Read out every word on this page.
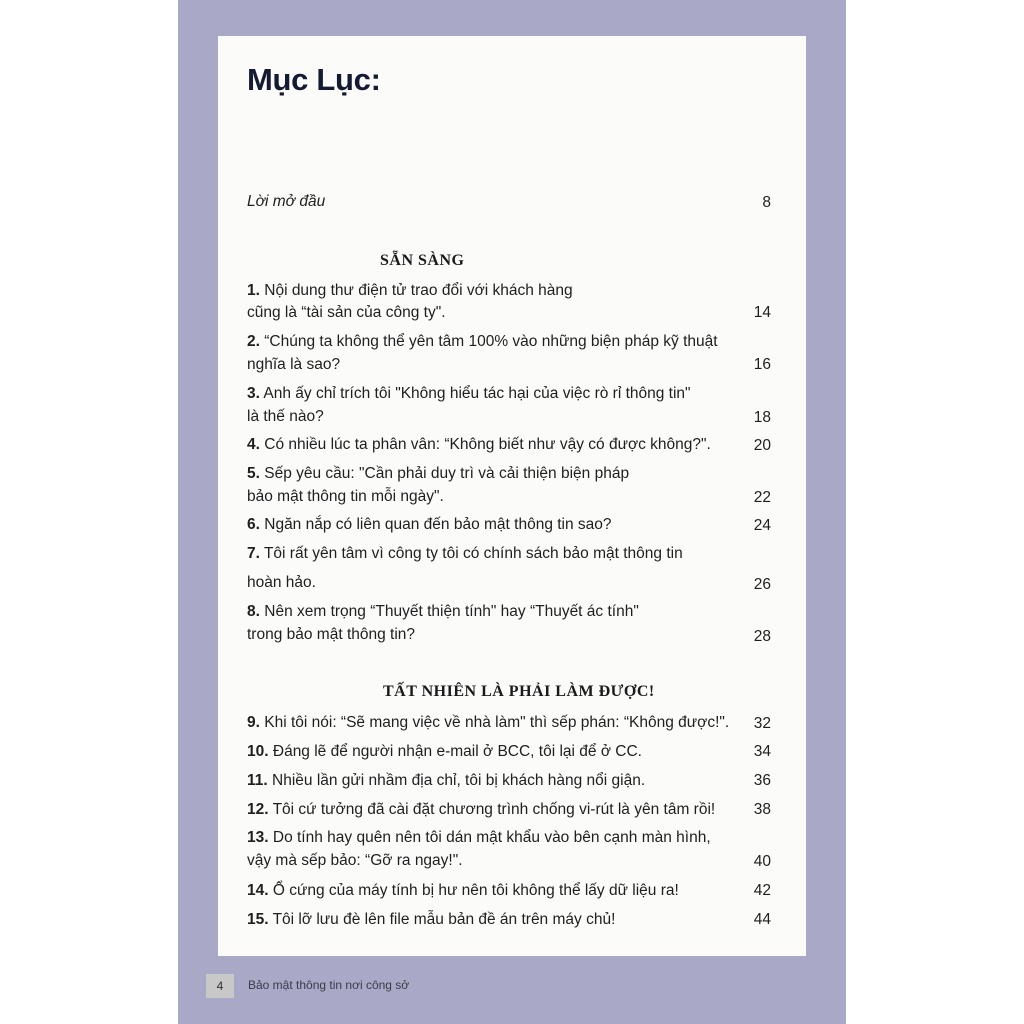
Mục Lục:
Lời mở đầu	8
SẴN SÀNG
1. Nội dung thư điện tử trao đổi với khách hàng
cũng là “tài sản của công ty".	14
2. “Chúng ta không thể yên tâm 100% vào những biện pháp kỹ thuật
nghĩa là sao?	16
3. Anh ấy chỉ trích tôi "Không hiểu tác hại của việc rò rỉ thông tin"
là thế nào?	18
4. Có nhiều lúc ta phân vân: “Không biết như vậy có được không?".	20
5. Sếp yêu cầu: "Cần phải duy trì và cải thiện biện pháp
bảo mật thông tin mỗi ngày".	22
6. Ngăn nắp có liên quan đến bảo mật thông tin sao?	24
7. Tôi rất yên tâm vì công ty tôi có chính sách bảo mật thông tin
hoàn hảo.	26
8. Nên xem trọng “Thuyết thiện tính" hay “Thuyết ác tính"
trong bảo mật thông tin?	28
TẤT NHIÊN LÀ PHẢI LÀM ĐƯỢC!
9. Khi tôi nói: “Sẽ mang việc về nhà làm" thì sếp phán: “Không được!".	32
10. Đáng lẽ để người nhận e-mail ở BCC, tôi lại để ở CC.	34
11. Nhiều lần gửi nhầm địa chỉ, tôi bị khách hàng nổi giận.	36
12. Tôi cứ tưởng đã cài đặt chương trình chống vi-rút là yên tâm rồi!	38
13. Do tính hay quên nên tôi dán mật khẩu vào bên cạnh màn hình,
vậy mà sếp bảo: “Gỡ ra ngay!".	40
14. Ổ cứng của máy tính bị hư nên tôi không thể lấy dữ liệu ra!	42
15. Tôi lỡ lưu đè lên file mẫu bản đề án trên máy chủ!	44
4	Bảo mật thông tin nơi công sở
